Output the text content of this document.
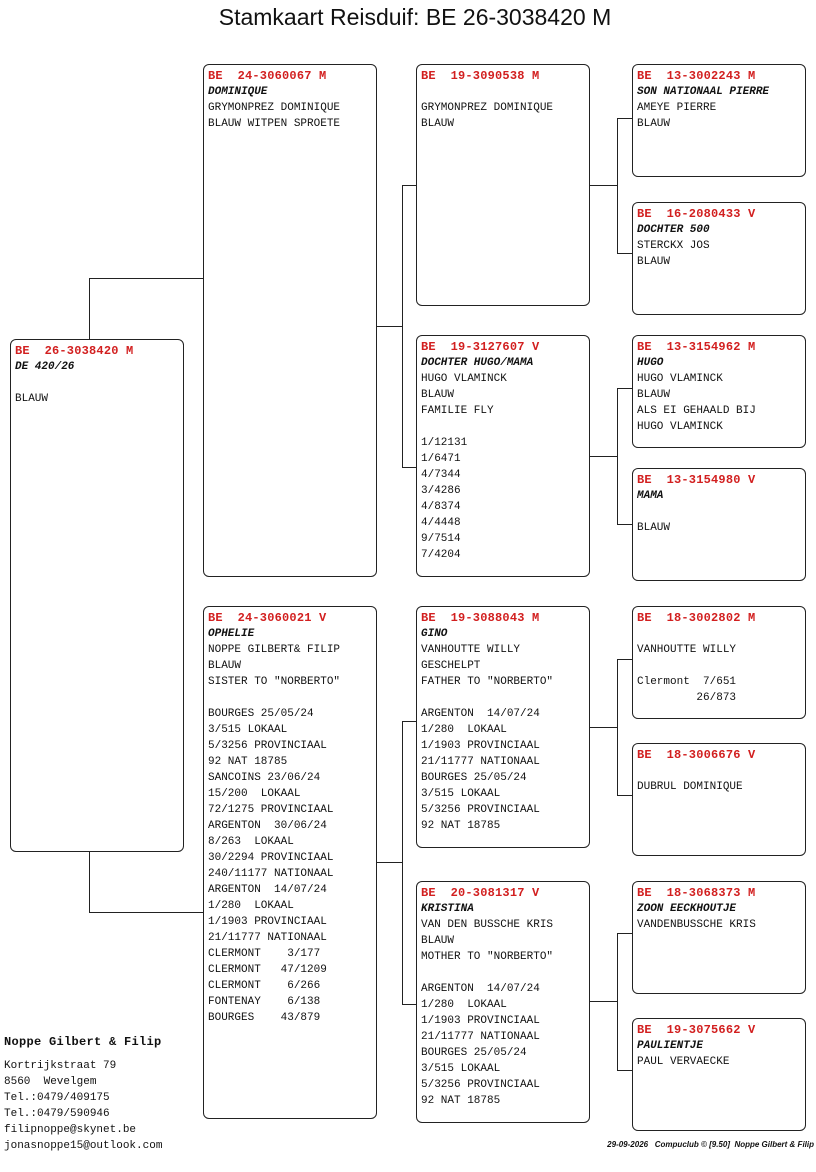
Stamkaart Reisduif: BE 26-3038420 M
BE  26-3038420 M
DE 420/26

BLAUW
BE  24-3060067 M
DOMINIQUE
GRYMONPREZ DOMINIQUE
BLAUW WITPEN SPROETE
BE  24-3060021 V
OPHELIE
NOPPE GILBERT& FILIP
BLAUW
SISTER TO "NORBERTO"

BOURGES 25/05/24
3/515 LOKAAL
5/3256 PROVINCIAAL
92 NAT 18785
SANCOINS 23/06/24
15/200  LOKAAL
72/1275 PROVINCIAAL
ARGENTON  30/06/24
8/263  LOKAAL
30/2294 PROVINCIAAL
240/11177 NATIONAAL
ARGENTON  14/07/24
1/280  LOKAAL
1/1903 PROVINCIAAL
21/11777 NATIONAAL
CLERMONT    3/177
CLERMONT   47/1209
CLERMONT    6/266
FONTENAY    6/138
BOURGES    43/879
BE  19-3090538 M

GRYMONPREZ DOMINIQUE
BLAUW
BE  19-3127607 V
DOCHTER HUGO/MAMA
HUGO VLAMINCK
BLAUW
FAMILIE FLY

1/12131
1/6471
4/7344
3/4286
4/8374
4/4448
9/7514
7/4204
BE  19-3088043 M
GINO
VANHOUTTE WILLY
GESCHELPT
FATHER TO "NORBERTO"

ARGENTON  14/07/24
1/280  LOKAAL
1/1903 PROVINCIAAL
21/11777 NATIONAAL
BOURGES 25/05/24
3/515 LOKAAL
5/3256 PROVINCIAAL
92 NAT 18785
BE  20-3081317 V
KRISTINA
VAN DEN BUSSCHE KRIS
BLAUW
MOTHER TO "NORBERTO"

ARGENTON  14/07/24
1/280  LOKAAL
1/1903 PROVINCIAAL
21/11777 NATIONAAL
BOURGES 25/05/24
3/515 LOKAAL
5/3256 PROVINCIAAL
92 NAT 18785
BE  13-3002243 M
SON NATIONAAL PIERRE
AMEYE PIERRE
BLAUW
BE  16-2080433 V
DOCHTER 500
STERCKX JOS
BLAUW
BE  13-3154962 M
HUGO
HUGO VLAMINCK
BLAUW
ALS EI GEHAALD BIJ
HUGO VLAMINCK
BE  13-3154980 V
MAMA

BLAUW
BE  18-3002802 M

VANHOUTTE WILLY

Clermont  7/651
26/873
BE  18-3006676 V

DUBRUL DOMINIQUE
BE  18-3068373 M
ZOON EECKHOUTJE
VANDENBUSSCHE KRIS
BE  19-3075662 V
PAULIENTJE
PAUL VERVAECKE
Noppe Gilbert & Filip
Kortrijkstraat 79
8560  Wevelgem
Tel.:0479/409175
Tel.:0479/590946
filipnoppe@skynet.be
jonasnoppe15@outlook.com	29-09-2026   Compuclub © [9.50]  Noppe Gilbert & Filip
